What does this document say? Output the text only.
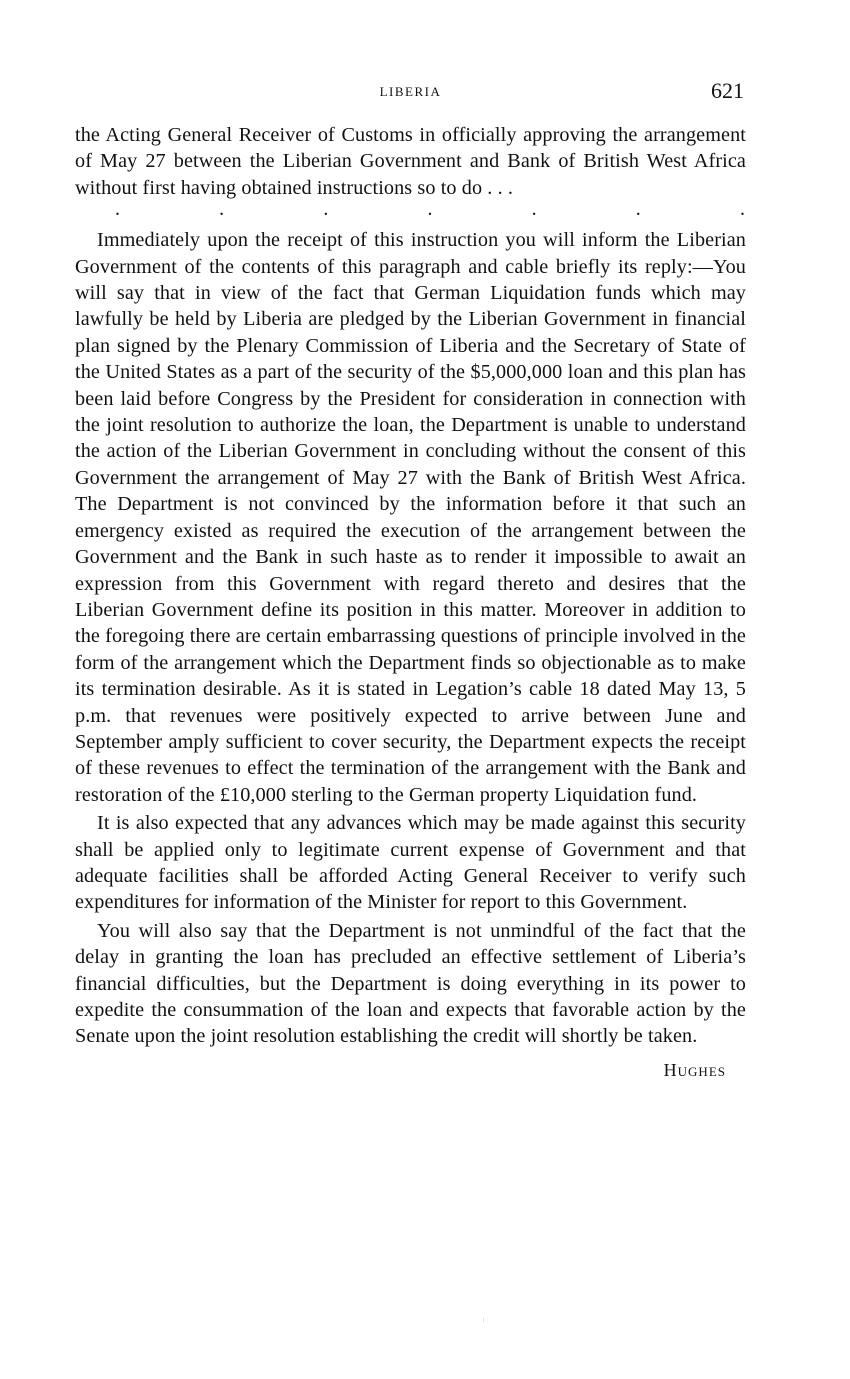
LIBERIA	621

the Acting General Receiver of Customs in officially approving the arrangement of May 27 between the Liberian Government and Bank of British West Africa without first having obtained instructions so to do . . .

.	.	.	.	.	.	.

Immediately upon the receipt of this instruction you will inform the Liberian Government of the contents of this paragraph and cable briefly its reply:—You will say that in view of the fact that German Liquidation funds which may lawfully be held by Liberia are pledged by the Liberian Government in financial plan signed by the Plenary Commission of Liberia and the Secretary of State of the United States as a part of the security of the $5,000,000 loan and this plan has been laid before Congress by the President for consideration in connection with the joint resolution to authorize the loan, the Department is unable to understand the action of the Liberian Government in concluding without the consent of this Government the arrangement of May 27 with the Bank of British West Africa. The Department is not convinced by the information before it that such an emergency existed as required the execution of the arrangement between the Government and the Bank in such haste as to render it impossible to await an expression from this Government with regard thereto and desires that the Liberian Government define its position in this matter. Moreover in addition to the foregoing there are certain embarrassing questions of principle involved in the form of the arrangement which the Department finds so objectionable as to make its termination desirable. As it is stated in Legation’s cable 18 dated May 13, 5 p.m. that revenues were positively expected to arrive between June and September amply sufficient to cover security, the Department expects the receipt of these revenues to effect the termination of the arrangement with the Bank and restoration of the £10,000 sterling to the German property Liquidation fund.

It is also expected that any advances which may be made against this security shall be applied only to legitimate current expense of Government and that adequate facilities shall be afforded Acting General Receiver to verify such expenditures for information of the Minister for report to this Government.

You will also say that the Department is not unmindful of the fact that the delay in granting the loan has precluded an effective settlement of Liberia’s financial difficulties, but the Department is doing everything in its power to expedite the consummation of the loan and expects that favorable action by the Senate upon the joint resolution establishing the credit will shortly be taken.

Hughes
